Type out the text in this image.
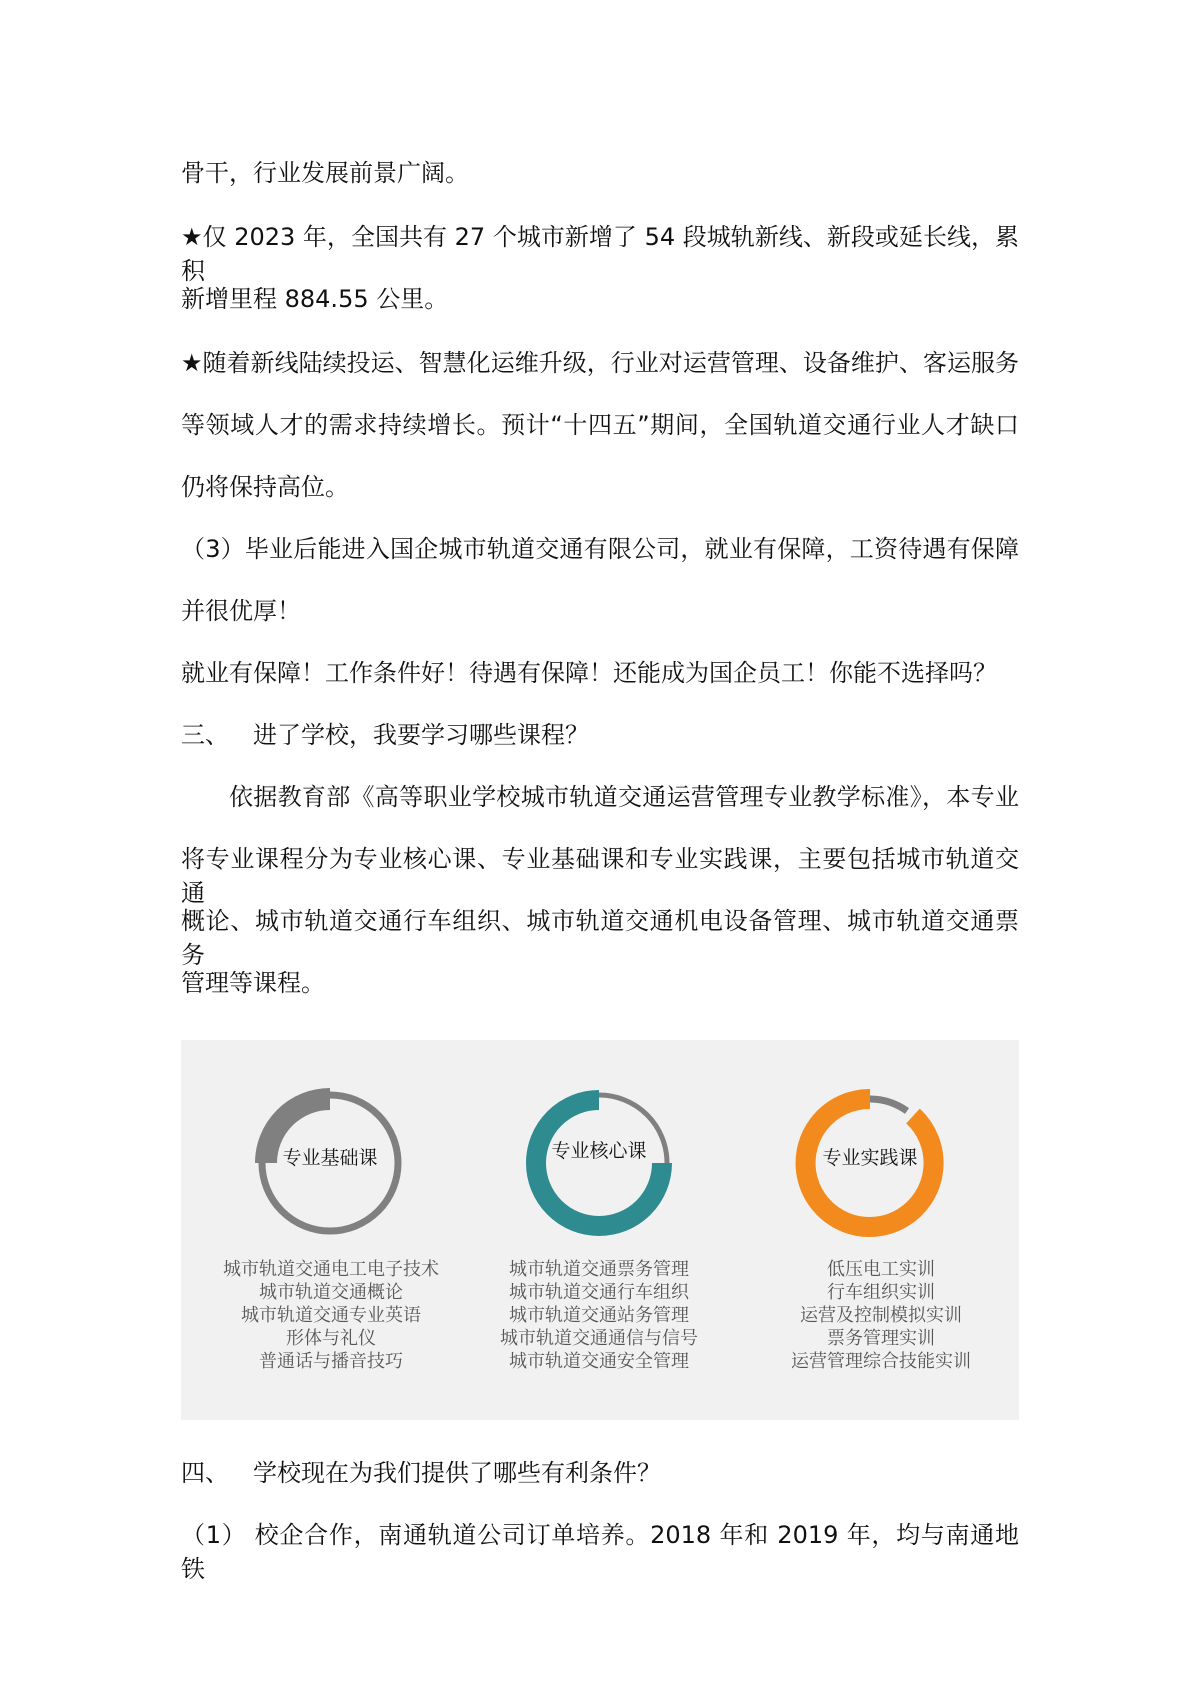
骨干，行业发展前景广阔。
★仅 2023 年，全国共有 27 个城市新增了 54 段城轨新线、新段或延长线，累积
新增里程 884.55 公里。
★随着新线陆续投运、智慧化运维升级，行业对运营管理、设备维护、客运服务
等领域人才的需求持续增长。预计“十四五”期间，全国轨道交通行业人才缺口
仍将保持高位。
（3）毕业后能进入国企城市轨道交通有限公司，就业有保障，工资待遇有保障
并很优厚！
就业有保障！工作条件好！待遇有保障！还能成为国企员工！你能不选择吗？
三、 进了学校，我要学习哪些课程？
依据教育部《高等职业学校城市轨道交通运营管理专业教学标准》，本专业
将专业课程分为专业核心课、专业基础课和专业实践课，主要包括城市轨道交通
概论、城市轨道交通行车组织、城市轨道交通机电设备管理、城市轨道交通票务
管理等课程。
专业基础课	专业核心课	专业实践课
城市轨道交通电工电子技术
城市轨道交通概论
城市轨道交通专业英语
形体与礼仪
普通话与播音技巧
城市轨道交通票务管理
城市轨道交通行车组织
城市轨道交通站务管理
城市轨道交通通信与信号
城市轨道交通安全管理
低压电工实训
行车组织实训
运营及控制模拟实训
票务管理实训
运营管理综合技能实训
四、 学校现在为我们提供了哪些有利条件？
（1） 校企合作，南通轨道公司订单培养。2018 年和 2019 年，均与南通地铁
